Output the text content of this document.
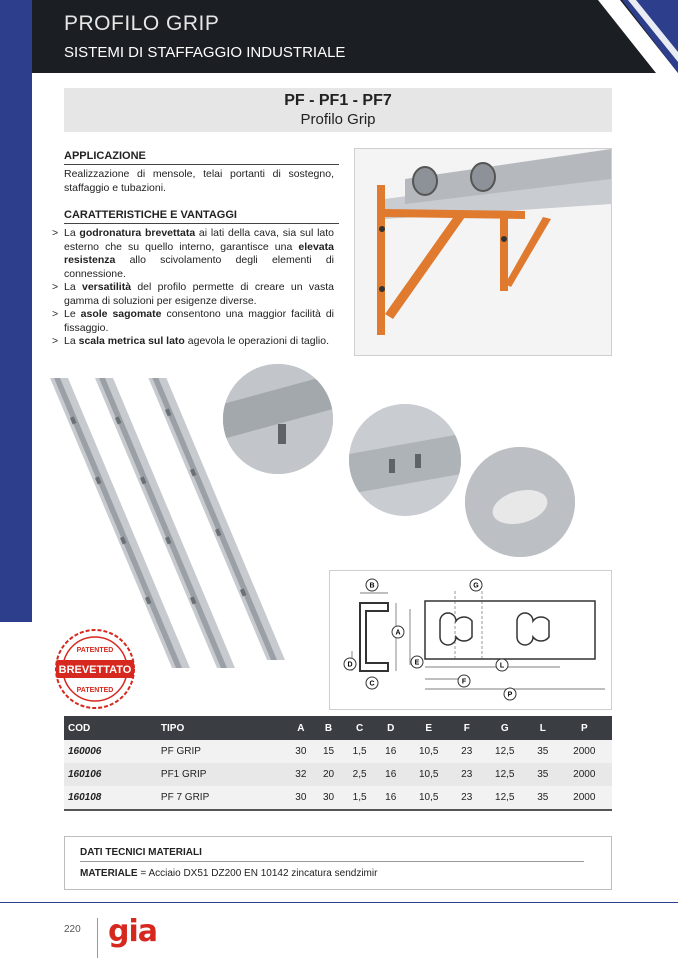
PROFILO GRIP
SISTEMI DI STAFFAGGIO INDUSTRIALE
PF - PF1 - PF7
Profilo Grip
APPLICAZIONE
Realizzazione di mensole, telai portanti di sostegno, staffaggio e tubazioni.
CARATTERISTICHE E VANTAGGI
> La godronatura brevettata ai lati della cava, sia sul lato esterno che su quello interno, garantisce una elevata resistenza allo scivolamento degli elementi di connessione.
> La versatilità del profilo permette di creare un vasta gamma di soluzioni per esigenze diverse.
> Le asole sagomate consentono una maggior facilità di fissaggio.
> La scala metrica sul lato agevola le operazioni di taglio.
PATENTED
BREVETTATO
PATENTED
B
A
D
C
G
E	L
F
P
COD	TIPO	A	B	C	D	E	F	G	L	P
160006	PF GRIP	30	15	1,5	16	10,5	23	12,5	35	2000
160106	PF1 GRIP	32	20	2,5	16	10,5	23	12,5	35	2000
160108	PF 7 GRIP	30	30	1,5	16	10,5	23	12,5	35	2000
DATI TECNICI MATERIALI
MATERIALE = Acciaio DX51 DZ200 EN 10142 zincatura sendzimir
220 gia
